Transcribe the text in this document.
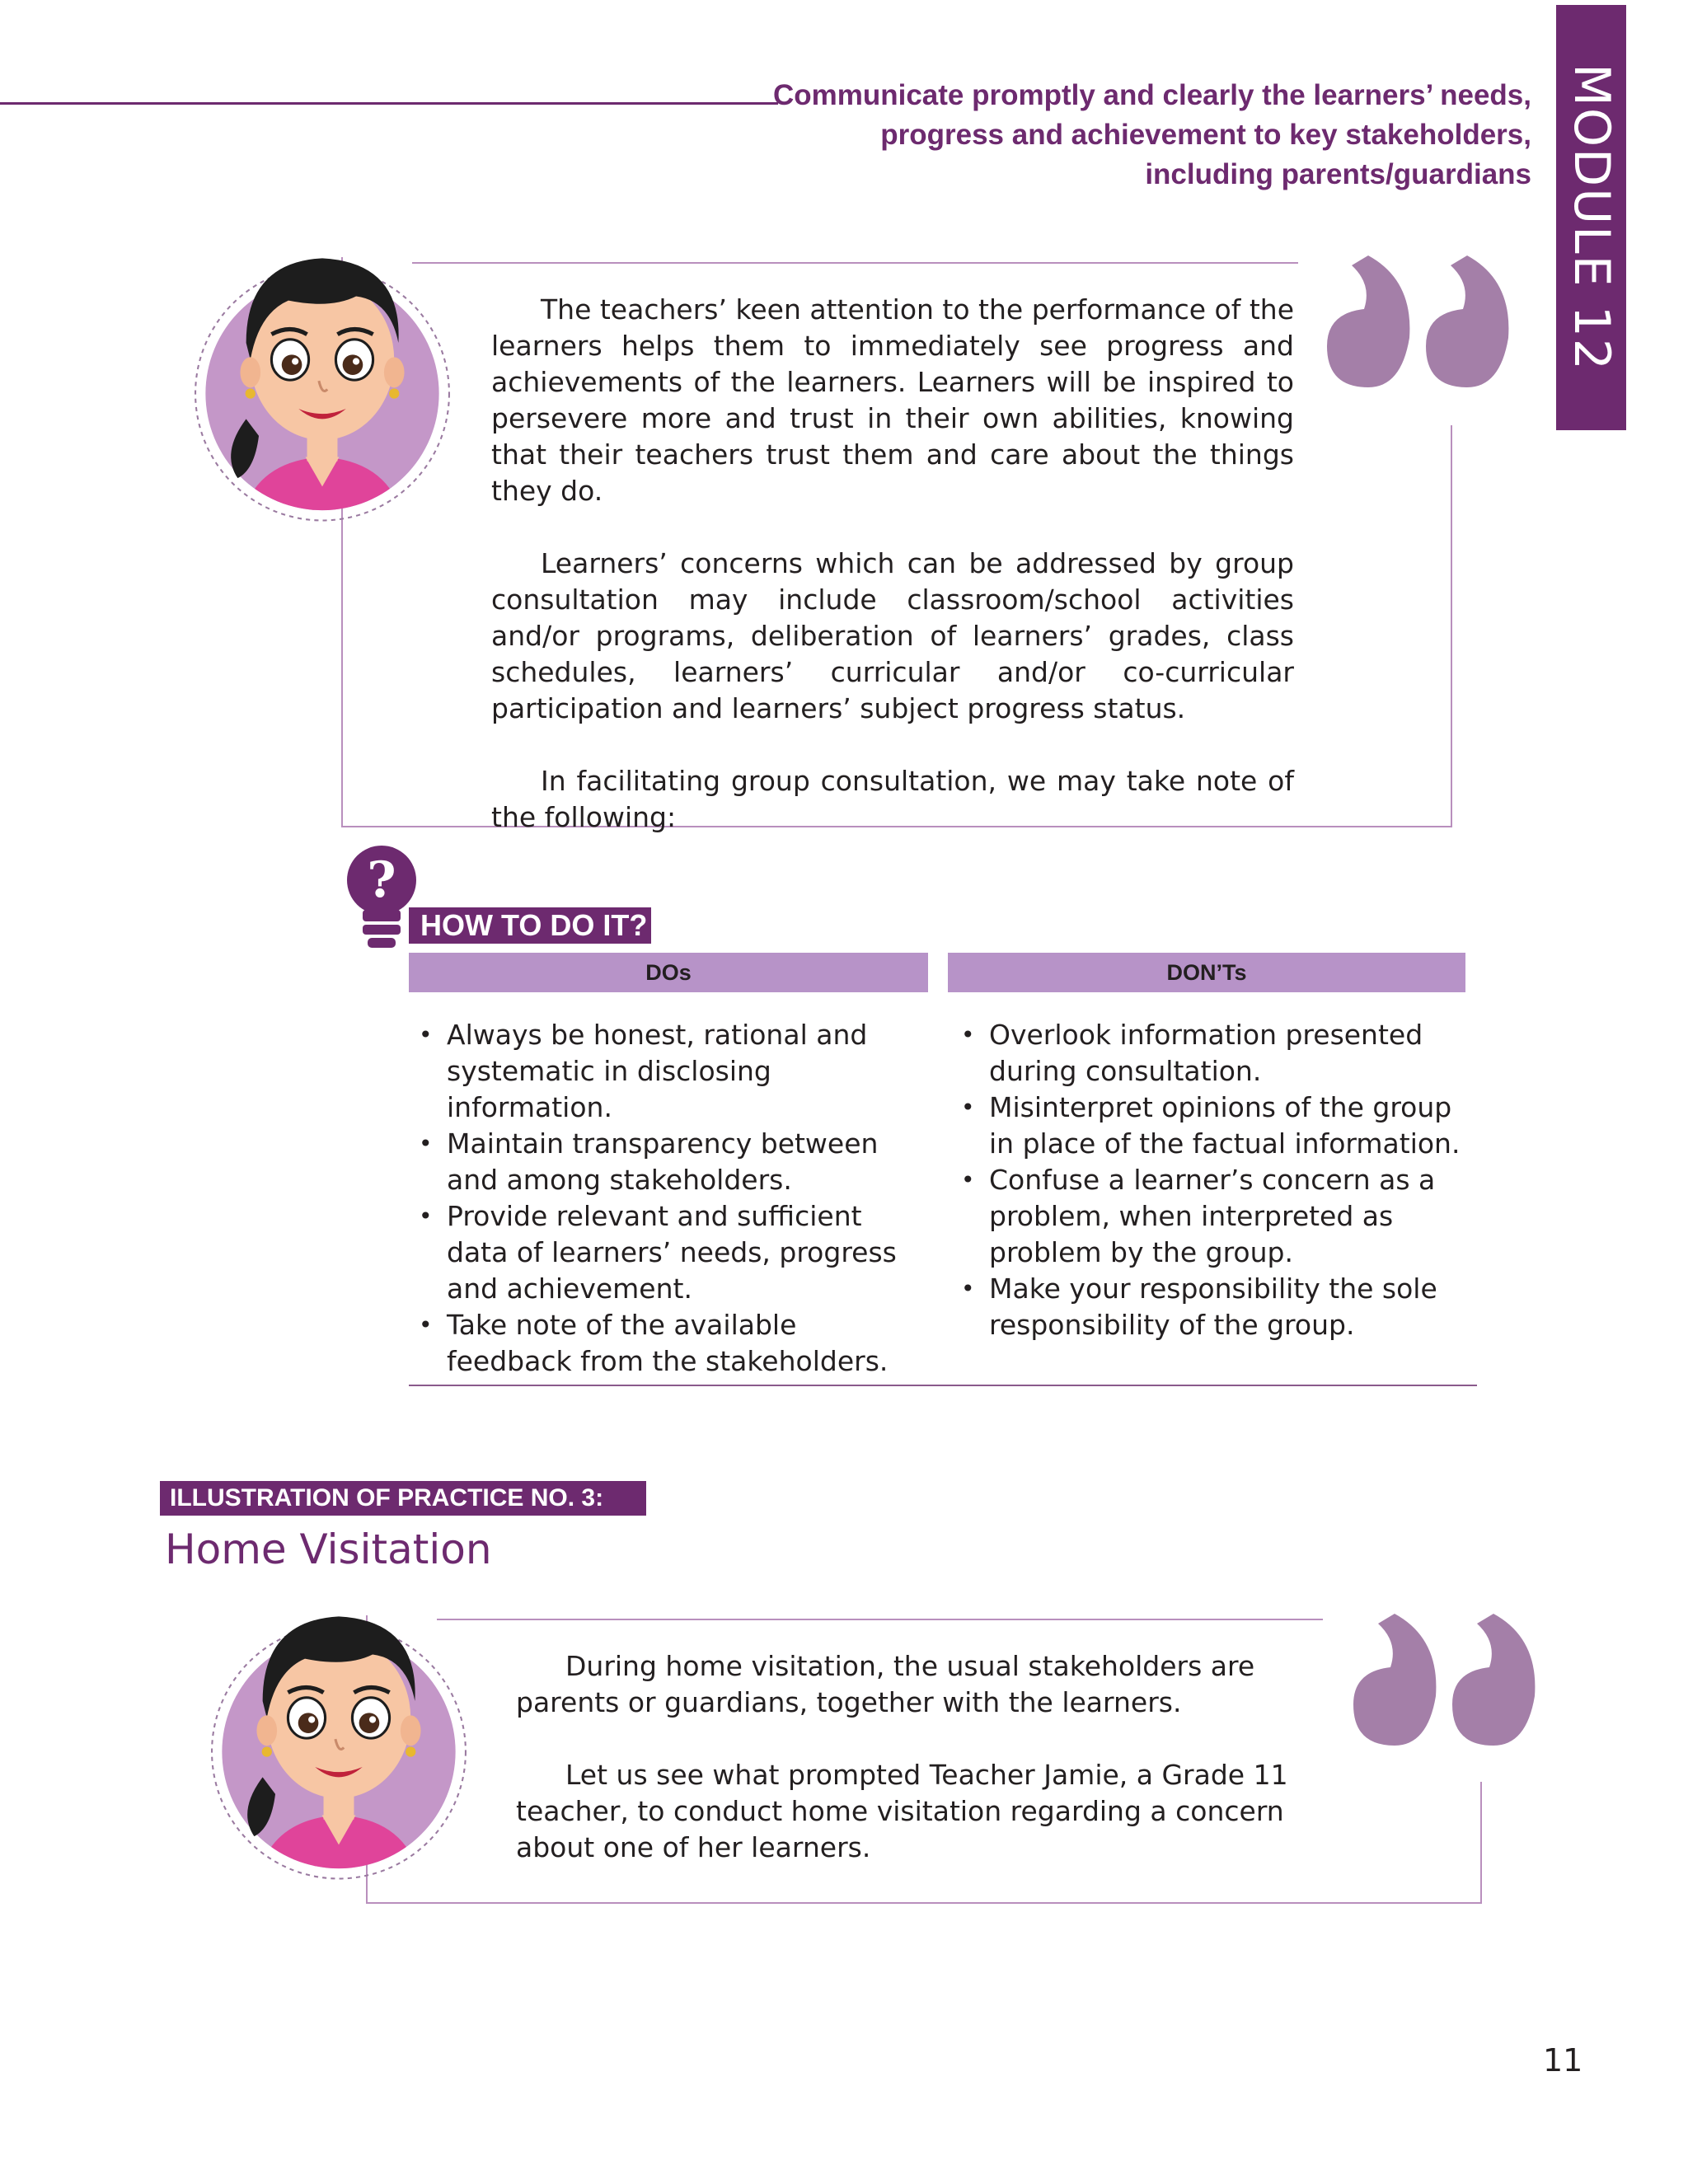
Communicate promptly and clearly the learners’ needs,
progress and achievement to key stakeholders,
including parents/guardians MODULE 12

The teachers’ keen attention to the performance of the learners helps them to immediately see progress and achievements of the learners. Learners will be inspired to persevere more and trust in their own abilities, knowing that their teachers trust them and care about the things they do.

Learners’ concerns which can be addressed by group consultation may include classroom/school activities and/or programs, deliberation of learners’ grades, class schedules, learners’ curricular and/or co-curricular participation and learners’ subject progress status.

In facilitating group consultation, we may take note of the following:

?
HOW TO DO IT?
DOs	DON’Ts
• Always be honest, rational and systematic in disclosing information.
• Maintain transparency between and among stakeholders.
• Provide relevant and sufficient data of learners’ needs, progress and achievement.
• Take note of the available feedback from the stakeholders.
• Overlook information presented during consultation.
• Misinterpret opinions of the group in place of the factual information.
• Confuse a learner’s concern as a problem, when interpreted as problem by the group.
• Make your responsibility the sole responsibility of the group.
ILLUSTRATION OF PRACTICE NO. 3:
Home Visitation

During home visitation, the usual stakeholders are parents or guardians, together with the learners.

Let us see what prompted Teacher Jamie, a Grade 11 teacher, to conduct home visitation regarding a concern about one of her learners.

11
